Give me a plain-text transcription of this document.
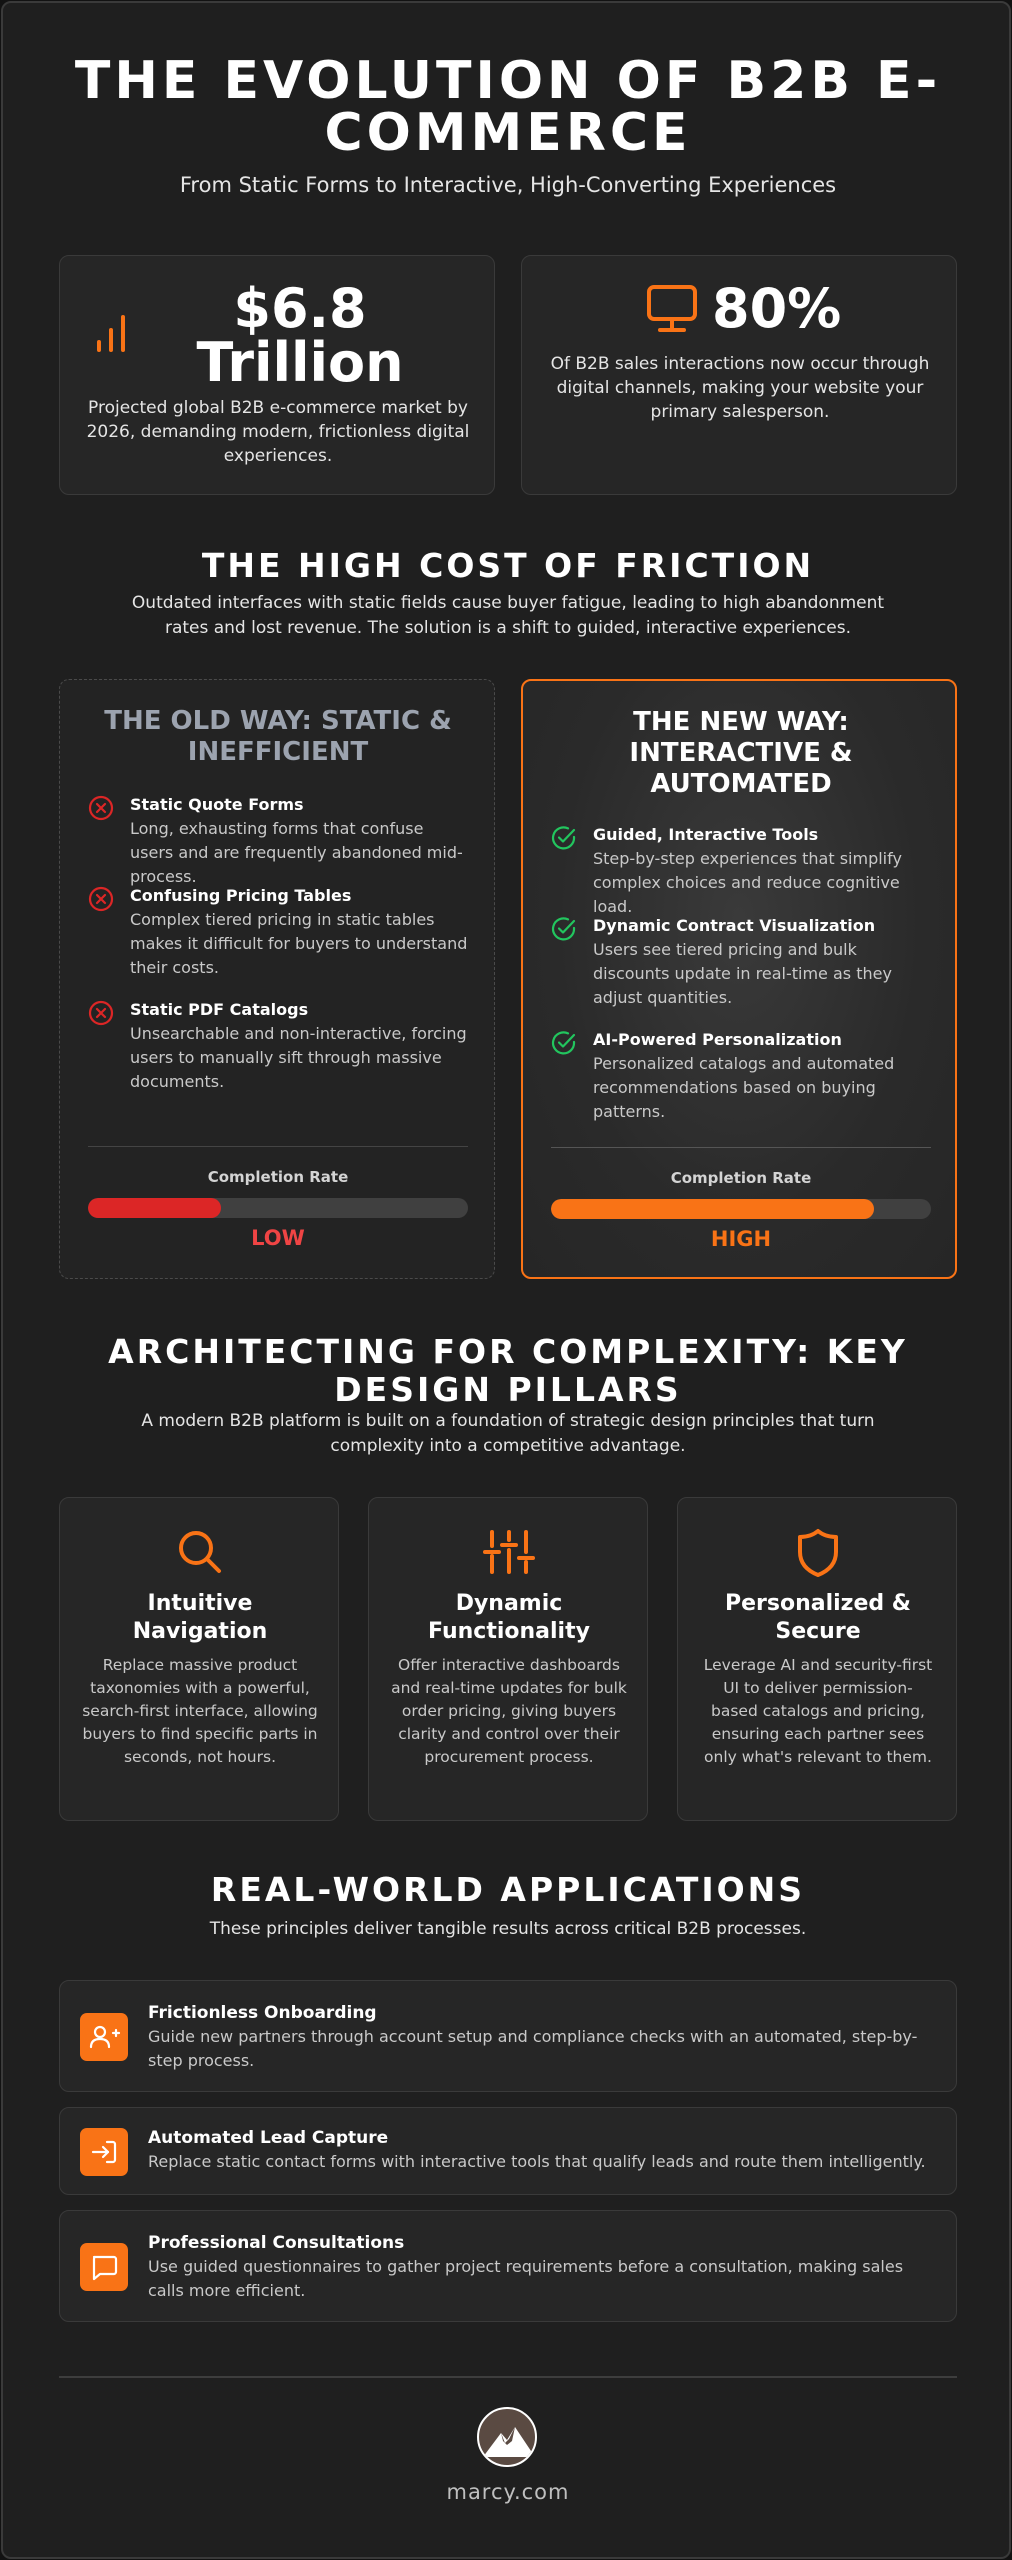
THE EVOLUTION OF B2B E-COMMERCE
From Static Forms to Interactive, High-Converting Experiences
$6.8 Trillion
Projected global B2B e-commerce market by 2026, demanding modern, frictionless digital experiences.
80%
Of B2B sales interactions now occur through digital channels, making your website your primary salesperson.
THE HIGH COST OF FRICTION
Outdated interfaces with static fields cause buyer fatigue, leading to high abandonment rates and lost revenue. The solution is a shift to guided, interactive experiences.
THE OLD WAY: STATIC & INEFFICIENT
Static Quote Forms
Long, exhausting forms that confuse users and are frequently abandoned mid-process.
Confusing Pricing Tables
Complex tiered pricing in static tables makes it difficult for buyers to understand their costs.
Static PDF Catalogs
Unsearchable and non-interactive, forcing users to manually sift through massive documents.
Completion Rate
LOW
THE NEW WAY: INTERACTIVE & AUTOMATED
Guided, Interactive Tools
Step-by-step experiences that simplify complex choices and reduce cognitive load.
Dynamic Contract Visualization
Users see tiered pricing and bulk discounts update in real-time as they adjust quantities.
AI-Powered Personalization
Personalized catalogs and automated recommendations based on buying patterns.
Completion Rate
HIGH
ARCHITECTING FOR COMPLEXITY: KEY DESIGN PILLARS
A modern B2B platform is built on a foundation of strategic design principles that turn complexity into a competitive advantage.
Intuitive Navigation
Replace massive product taxonomies with a powerful, search-first interface, allowing buyers to find specific parts in seconds, not hours.
Dynamic Functionality
Offer interactive dashboards and real-time updates for bulk order pricing, giving buyers clarity and control over their procurement process.
Personalized & Secure
Leverage AI and security-first UI to deliver permission-based catalogs and pricing, ensuring each partner sees only what's relevant to them.
REAL-WORLD APPLICATIONS
These principles deliver tangible results across critical B2B processes.
Frictionless Onboarding
Guide new partners through account setup and compliance checks with an automated, step-by-step process.
Automated Lead Capture
Replace static contact forms with interactive tools that qualify leads and route them intelligently.
Professional Consultations
Use guided questionnaires to gather project requirements before a consultation, making sales calls more efficient.
marcy.com
